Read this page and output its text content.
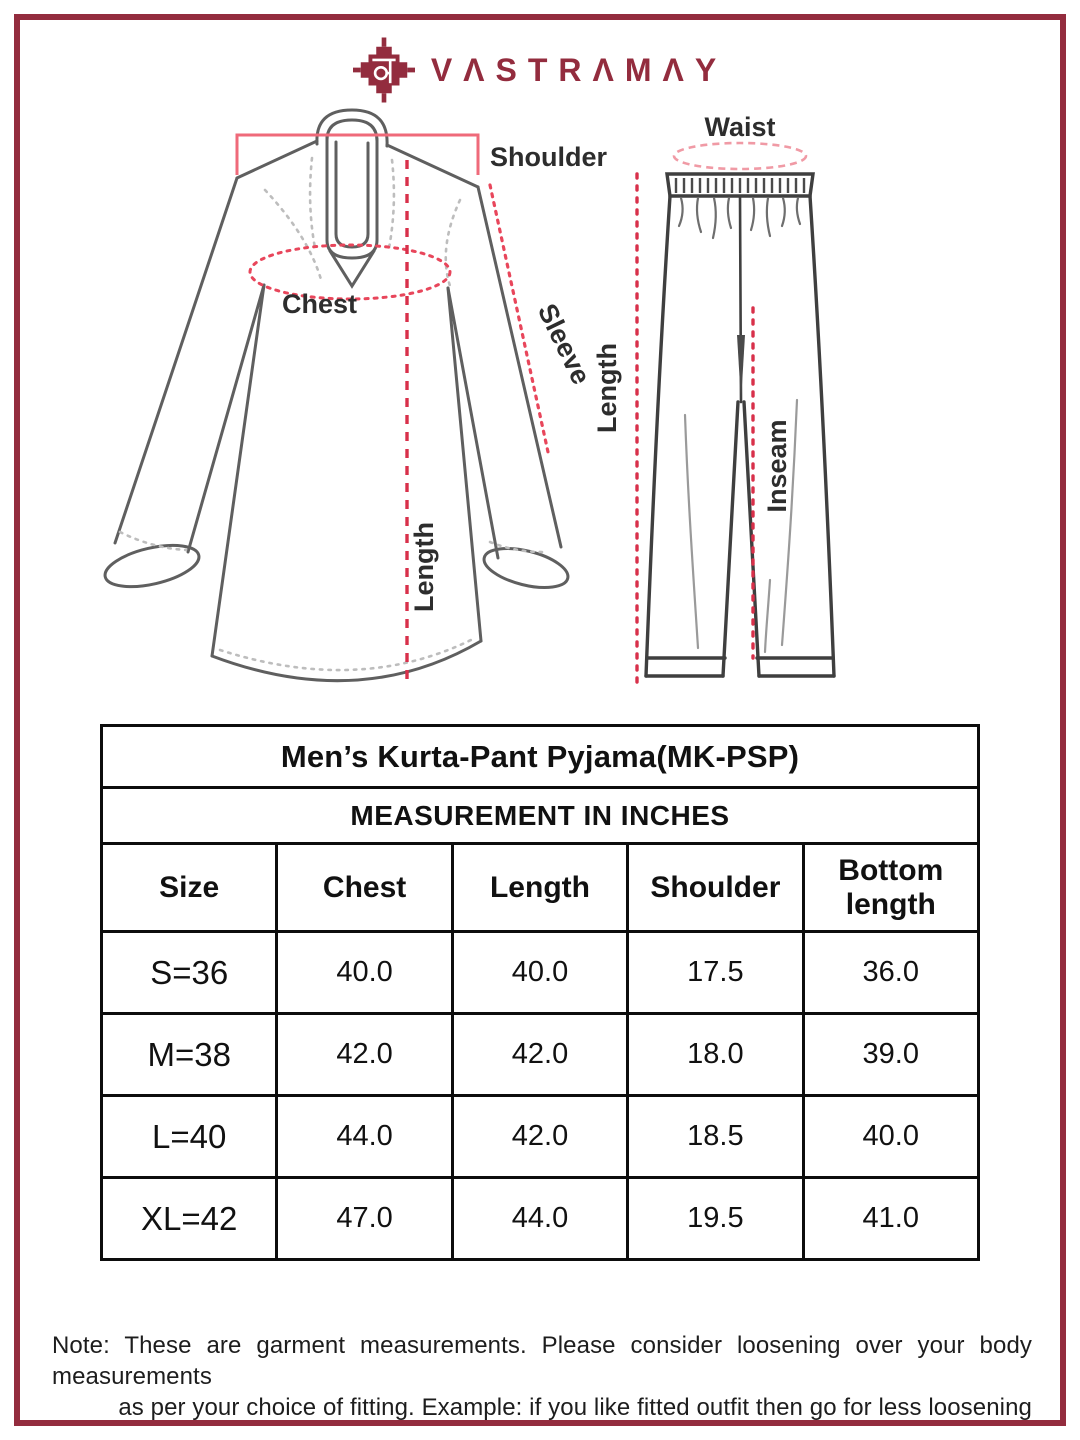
VΛSTRΛMΛY
Shoulder
Chest	Sleeve
Length
Waist
Length
Inseam
Men’s Kurta-Pant Pyjama(MK-PSP)				
MEASUREMENT IN INCHES				
Size	Chest	Length	Shoulder	Bottom length
S=36	40.0	40.0	17.5	36.0
M=38	42.0	42.0	18.0	39.0
L=40	44.0	42.0	18.5	40.0
XL=42	47.0	44.0	19.5	41.0
Note: These are garment measurements. Please consider loosening over your body measurements
as per your choice of fitting. Example: if you like fitted outfit then go for less loosening
